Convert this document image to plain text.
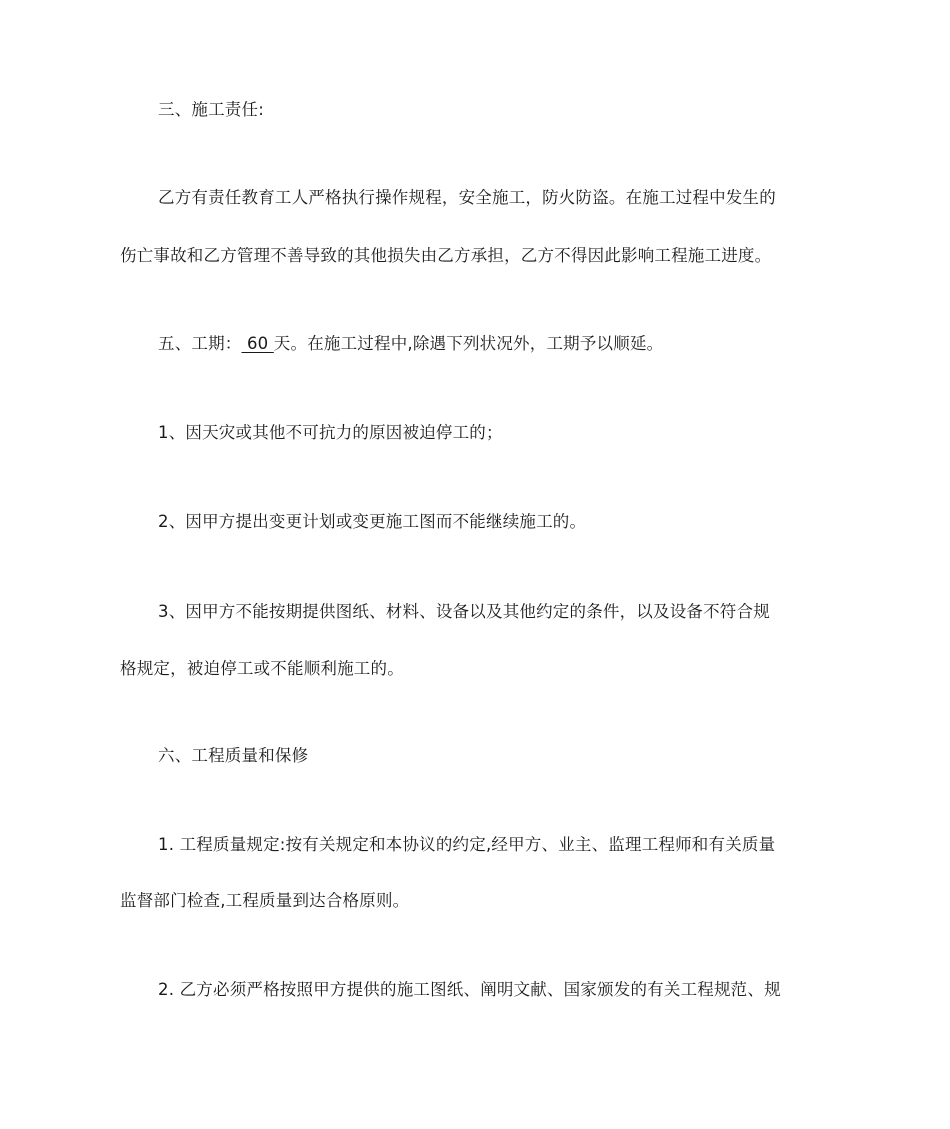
三、施工责任:
乙方有责任教育工人严格执行操作规程，安全施工，防火防盗。在施工过程中发生的
伤亡事故和乙方管理不善导致的其他损失由乙方承担，乙方不得因此影响工程施工进度。
五、工期： 60 天。在施工过程中,除遇下列状况外，工期予以顺延。
1、因天灾或其他不可抗力的原因被迫停工的；
2、因甲方提出变更计划或变更施工图而不能继续施工的。
3、因甲方不能按期提供图纸、材料、设备以及其他约定的条件，以及设备不符合规
格规定，被迫停工或不能顺利施工的。
六、工程质量和保修
1. 工程质量规定:按有关规定和本协议的约定,经甲方、业主、监理工程师和有关质量
监督部门检查,工程质量到达合格原则。
2. 乙方必须严格按照甲方提供的施工图纸、阐明文献、国家颁发的有关工程规范、规
